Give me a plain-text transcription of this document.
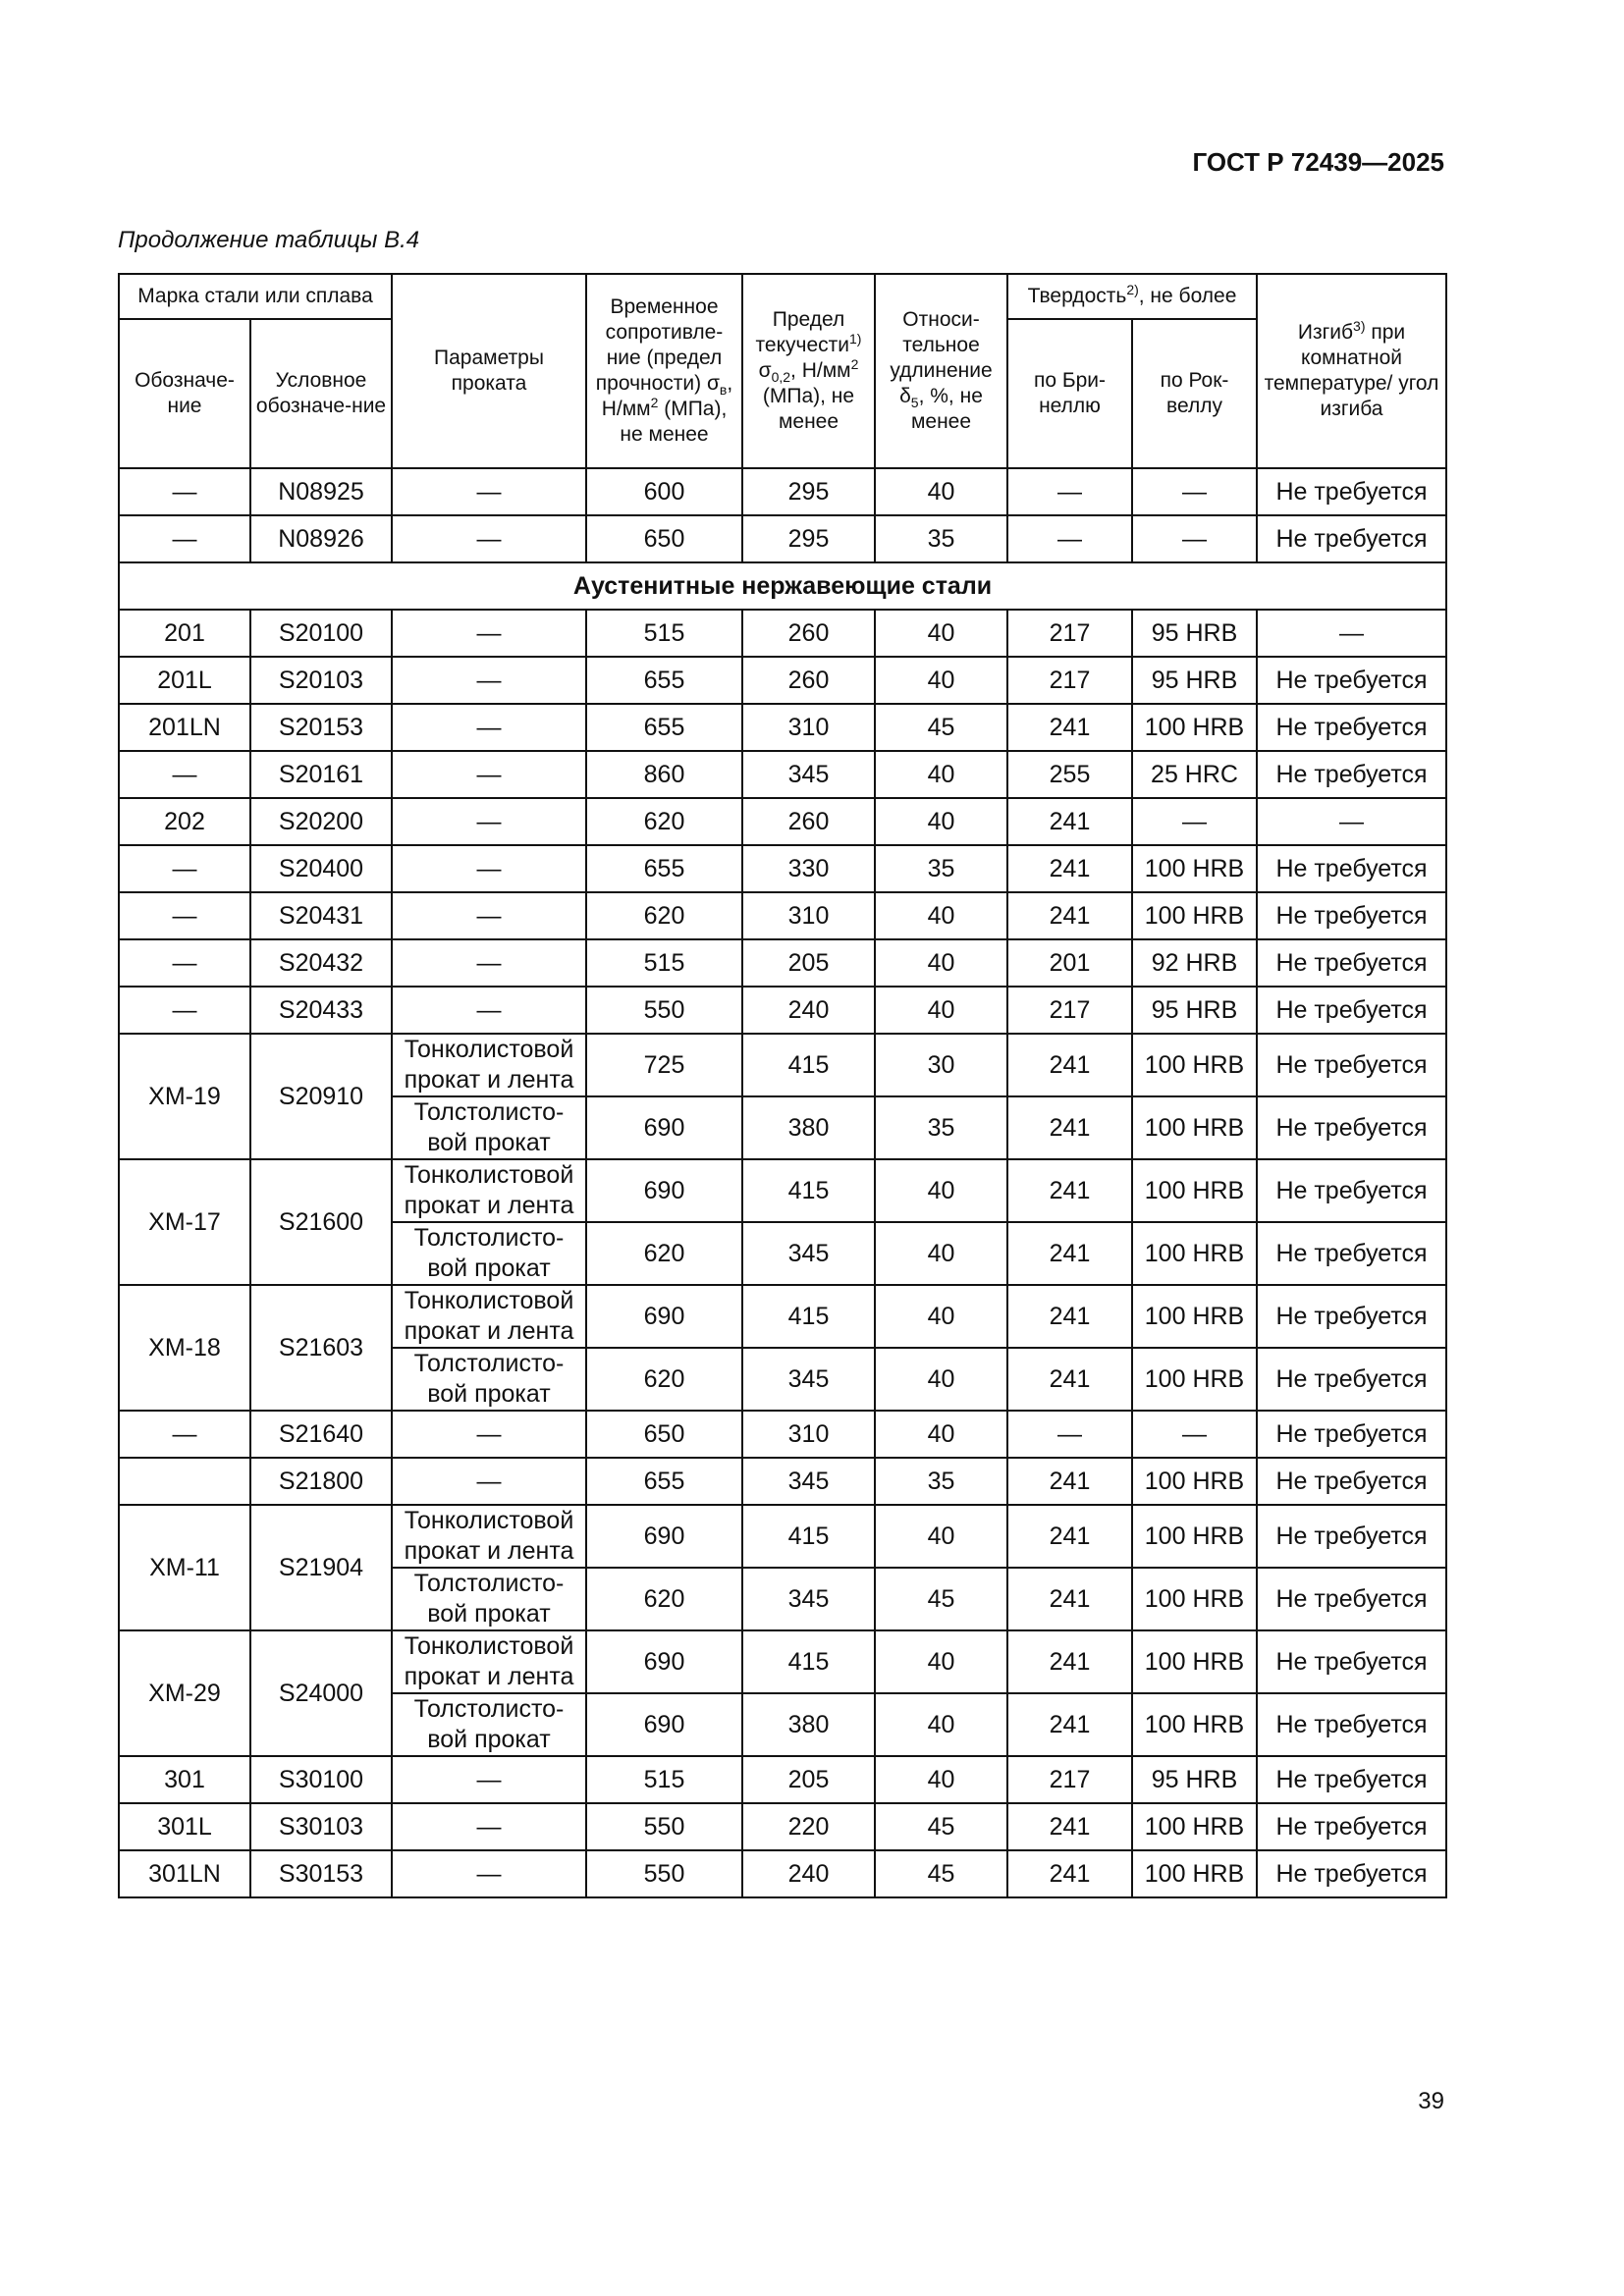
ГОСТ Р 72439—2025
Продолжение таблицы В.4
Марка стали или сплава		Параметры проката	Временное сопротивле-ние (предел прочности) $\sigma_в$, $Н/мм^2$ (МПа), не менее	Предел текучести$^{1)}$ $\sigma_{0,2}$, $Н/мм^2$ (МПа), не менее	Относи-тельное удлинение $\delta_5$, %, не менее	Твердость$^{2)}$, не более		Изгиб$^{3)}$ при комнатной температуре/ угол изгиба
Обозначе-ние	Условное обозначе-ние					по Бри-неллю	по Рок-веллу	
—	N08925	—	600	295	40	—	—	Не требуется
—	N08926	—	650	295	35	—	—	Не требуется
Аустенитные нержавеющие стали								
201	S20100	—	515	260	40	217	95 HRB	—
201L	S20103	—	655	260	40	217	95 HRB	Не требуется
201LN	S20153	—	655	310	45	241	100 HRB	Не требуется
—	S20161	—	860	345	40	255	25 HRC	Не требуется
202	S20200	—	620	260	40	241	—	—
—	S20400	—	655	330	35	241	100 HRB	Не требуется
—	S20431	—	620	310	40	241	100 HRB	Не требуется
—	S20432	—	515	205	40	201	92 HRB	Не требуется
—	S20433	—	550	240	40	217	95 HRB	Не требуется
XM-19	S20910	Тонколистовой прокат и лента	725	415	30	241	100 HRB	Не требуется
		Толстолисто-вой прокат	690	380	35	241	100 HRB	Не требуется
XM-17	S21600	Тонколистовой прокат и лента	690	415	40	241	100 HRB	Не требуется
		Толстолисто-вой прокат	620	345	40	241	100 HRB	Не требуется
XM-18	S21603	Тонколистовой прокат и лента	690	415	40	241	100 HRB	Не требуется
		Толстолисто-вой прокат	620	345	40	241	100 HRB	Не требуется
—	S21640	—	650	310	40	—	—	Не требуется
	S21800	—	655	345	35	241	100 HRB	Не требуется
XM-11	S21904	Тонколистовой прокат и лента	690	415	40	241	100 HRB	Не требуется
		Толстолисто-вой прокат	620	345	45	241	100 HRB	Не требуется
XM-29	S24000	Тонколистовой прокат и лента	690	415	40	241	100 HRB	Не требуется
		Толстолисто-вой прокат	690	380	40	241	100 HRB	Не требуется
301	S30100	—	515	205	40	217	95 HRB	Не требуется
301L	S30103	—	550	220	45	241	100 HRB	Не требуется
301LN	S30153	—	550	240	45	241	100 HRB	Не требуется
39
